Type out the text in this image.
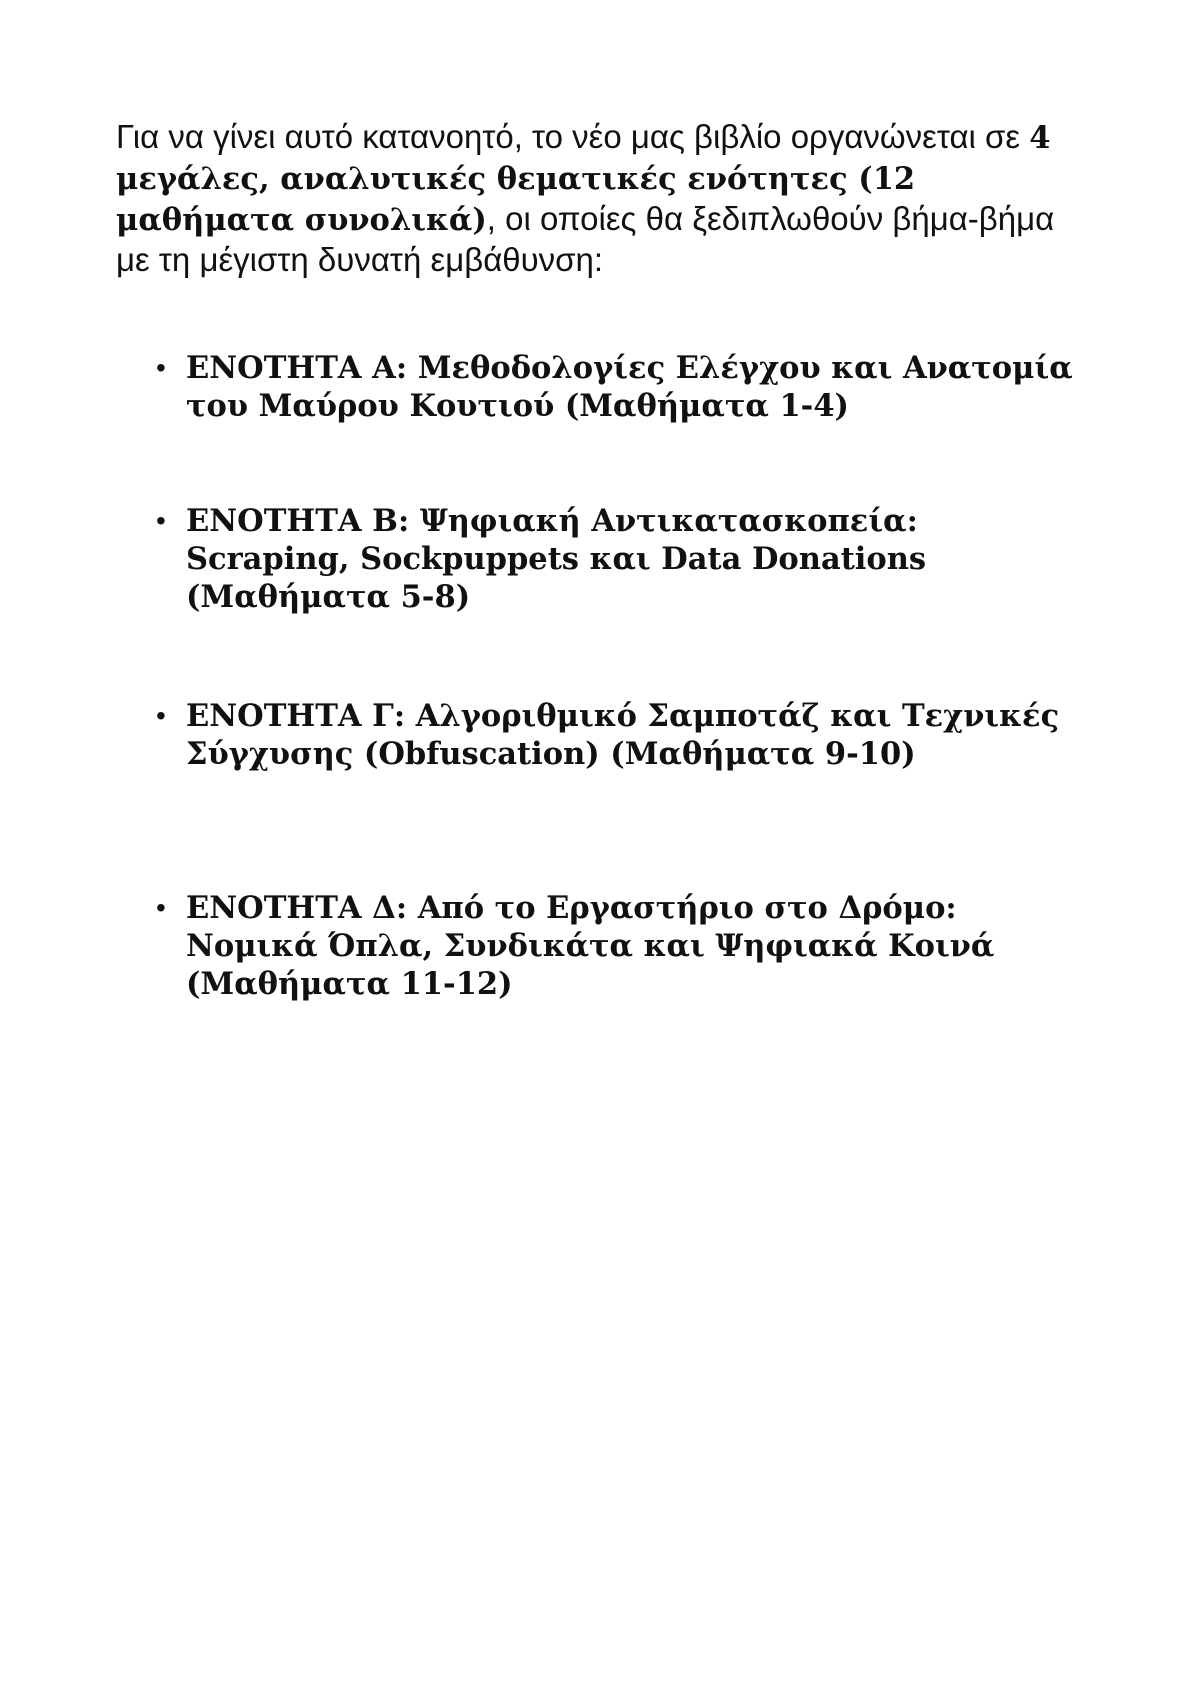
Για να γίνει αυτό κατανοητό, το νέο μας βιβλίο οργανώνεται σε 4 μεγάλες, αναλυτικές θεματικές ενότητες (12 μαθήματα συνολικά), οι οποίες θα ξεδιπλωθούν βήμα-βήμα με τη μέγιστη δυνατή εμβάθυνση:

• ΕΝΟΤΗΤΑ Α: Μεθοδολογίες Ελέγχου και Ανατομία του Μαύρου Κουτιού (Μαθήματα 1-4)
• ΕΝΟΤΗΤΑ Β: Ψηφιακή Αντικατασκοπεία: Scraping, Sockpuppets και Data Donations (Μαθήματα 5-8)
• ΕΝΟΤΗΤΑ Γ: Αλγοριθμικό Σαμποτάζ και Τεχνικές Σύγχυσης (Obfuscation) (Μαθήματα 9-10)
• ΕΝΟΤΗΤΑ Δ: Από το Εργαστήριο στο Δρόμο: Νομικά Όπλα, Συνδικάτα και Ψηφιακά Κοινά (Μαθήματα 11-12)
